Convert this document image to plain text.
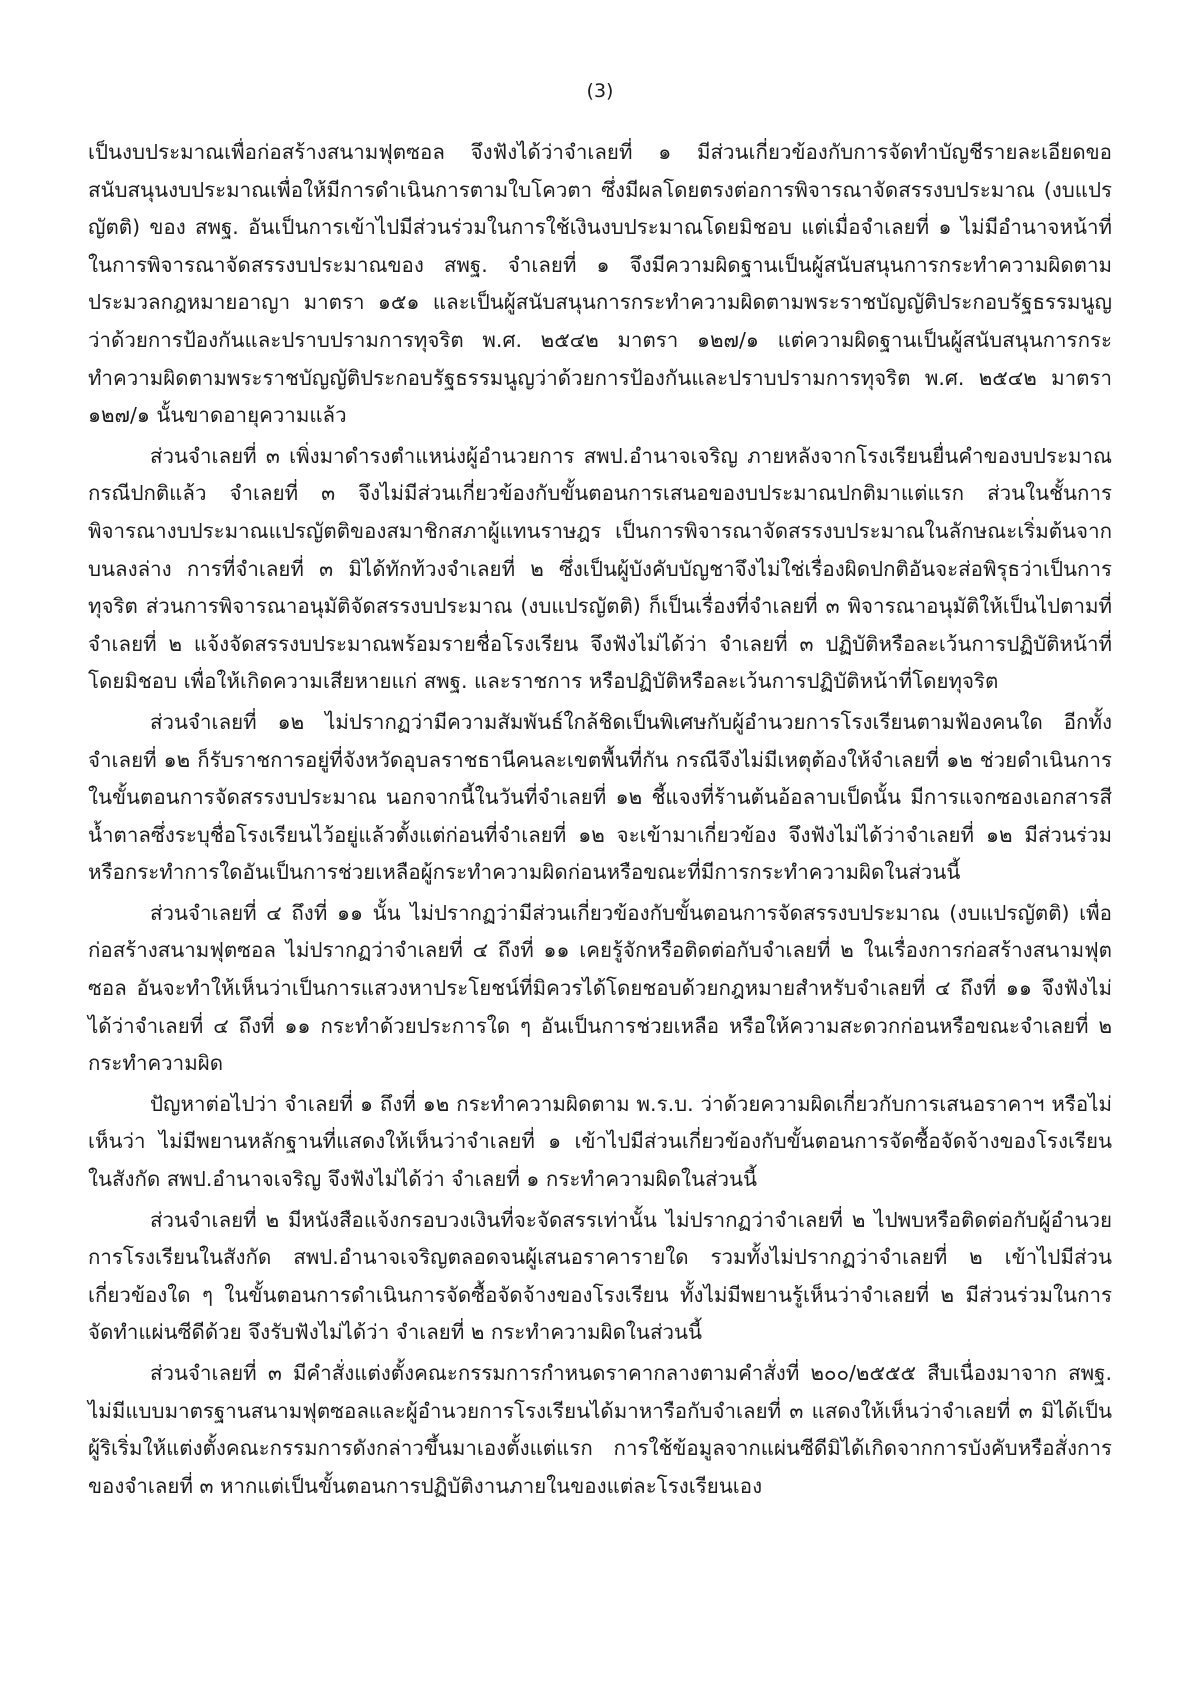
(3)

เป็นงบประมาณเพื่อก่อสร้างสนามฟุตซอล จึงฟังได้ว่าจำเลยที่ ๑ มีส่วนเกี่ยวข้องกับการจัดทำบัญชีรายละเอียดขอสนับสนุนงบประมาณเพื่อให้มีการดำเนินการตามใบโควตา ซึ่งมีผลโดยตรงต่อการพิจารณาจัดสรรงบประมาณ (งบแปรญัตติ) ของ สพฐ. อันเป็นการเข้าไปมีส่วนร่วมในการใช้เงินงบประมาณโดยมิชอบ แต่เมื่อจำเลยที่ ๑ ไม่มีอำนาจหน้าที่ในการพิจารณาจัดสรรงบประมาณของ สพฐ. จำเลยที่ ๑ จึงมีความผิดฐานเป็นผู้สนับสนุนการกระทำความผิดตามประมวลกฎหมายอาญา มาตรา ๑๕๑ และเป็นผู้สนับสนุนการกระทำความผิดตามพระราชบัญญัติประกอบรัฐธรรมนูญว่าด้วยการป้องกันและปราบปรามการทุจริต พ.ศ. ๒๕๔๒ มาตรา ๑๒๗/๑ แต่ความผิดฐานเป็นผู้สนับสนุนการกระทำความผิดตามพระราชบัญญัติประกอบรัฐธรรมนูญว่าด้วยการป้องกันและปราบปรามการทุจริต พ.ศ. ๒๕๔๒ มาตรา ๑๒๗/๑ นั้นขาดอายุความแล้ว

ส่วนจำเลยที่ ๓ เพิ่งมาดำรงตำแหน่งผู้อำนวยการ สพป.อำนาจเจริญ ภายหลังจากโรงเรียนยื่นคำของบประมาณกรณีปกติแล้ว จำเลยที่ ๓ จึงไม่มีส่วนเกี่ยวข้องกับขั้นตอนการเสนอของบประมาณปกติมาแต่แรก ส่วนในชั้นการพิจารณางบประมาณแปรญัตติของสมาชิกสภาผู้แทนราษฎร เป็นการพิจารณาจัดสรรงบประมาณในลักษณะเริ่มต้นจากบนลงล่าง การที่จำเลยที่ ๓ มิได้ทักท้วงจำเลยที่ ๒ ซึ่งเป็นผู้บังคับบัญชาจึงไม่ใช่เรื่องผิดปกติอันจะส่อพิรุธว่าเป็นการทุจริต ส่วนการพิจารณาอนุมัติจัดสรรงบประมาณ (งบแปรญัตติ) ก็เป็นเรื่องที่จำเลยที่ ๓ พิจารณาอนุมัติให้เป็นไปตามที่จำเลยที่ ๒ แจ้งจัดสรรงบประมาณพร้อมรายชื่อโรงเรียน จึงฟังไม่ได้ว่า จำเลยที่ ๓ ปฏิบัติหรือละเว้นการปฏิบัติหน้าที่โดยมิชอบ เพื่อให้เกิดความเสียหายแก่ สพฐ. และราชการ หรือปฏิบัติหรือละเว้นการปฏิบัติหน้าที่โดยทุจริต

ส่วนจำเลยที่ ๑๒ ไม่ปรากฏว่ามีความสัมพันธ์ใกล้ชิดเป็นพิเศษกับผู้อำนวยการโรงเรียนตามฟ้องคนใด อีกทั้งจำเลยที่ ๑๒ ก็รับราชการอยู่ที่จังหวัดอุบลราชธานีคนละเขตพื้นที่กัน กรณีจึงไม่มีเหตุต้องให้จำเลยที่ ๑๒ ช่วยดำเนินการในขั้นตอนการจัดสรรงบประมาณ นอกจากนี้ในวันที่จำเลยที่ ๑๒ ชี้แจงที่ร้านต้นอ้อลาบเป็ดนั้น มีการแจกซองเอกสารสีน้ำตาลซึ่งระบุชื่อโรงเรียนไว้อยู่แล้วตั้งแต่ก่อนที่จำเลยที่ ๑๒ จะเข้ามาเกี่ยวข้อง จึงฟังไม่ได้ว่าจำเลยที่ ๑๒ มีส่วนร่วมหรือกระทำการใดอันเป็นการช่วยเหลือผู้กระทำความผิดก่อนหรือขณะที่มีการกระทำความผิดในส่วนนี้

ส่วนจำเลยที่ ๔ ถึงที่ ๑๑ นั้น ไม่ปรากฏว่ามีส่วนเกี่ยวข้องกับขั้นตอนการจัดสรรงบประมาณ (งบแปรญัตติ) เพื่อก่อสร้างสนามฟุตซอล ไม่ปรากฏว่าจำเลยที่ ๔ ถึงที่ ๑๑ เคยรู้จักหรือติดต่อกับจำเลยที่ ๒ ในเรื่องการก่อสร้างสนามฟุตซอล อันจะทำให้เห็นว่าเป็นการแสวงหาประโยชน์ที่มิควรได้โดยชอบด้วยกฎหมายสำหรับจำเลยที่ ๔ ถึงที่ ๑๑ จึงฟังไม่ได้ว่าจำเลยที่ ๔ ถึงที่ ๑๑ กระทำด้วยประการใด ๆ อันเป็นการช่วยเหลือ หรือให้ความสะดวกก่อนหรือขณะจำเลยที่ ๒ กระทำความผิด

ปัญหาต่อไปว่า จำเลยที่ ๑ ถึงที่ ๑๒ กระทำความผิดตาม พ.ร.บ. ว่าด้วยความผิดเกี่ยวกับการเสนอราคาฯ หรือไม่ เห็นว่า ไม่มีพยานหลักฐานที่แสดงให้เห็นว่าจำเลยที่ ๑ เข้าไปมีส่วนเกี่ยวข้องกับขั้นตอนการจัดซื้อจัดจ้างของโรงเรียนในสังกัด สพป.อำนาจเจริญ จึงฟังไม่ได้ว่า จำเลยที่ ๑ กระทำความผิดในส่วนนี้

ส่วนจำเลยที่ ๒ มีหนังสือแจ้งกรอบวงเงินที่จะจัดสรรเท่านั้น ไม่ปรากฏว่าจำเลยที่ ๒ ไปพบหรือติดต่อกับผู้อำนวยการโรงเรียนในสังกัด สพป.อำนาจเจริญตลอดจนผู้เสนอราคารายใด รวมทั้งไม่ปรากฏว่าจำเลยที่ ๒ เข้าไปมีส่วนเกี่ยวข้องใด ๆ ในขั้นตอนการดำเนินการจัดซื้อจัดจ้างของโรงเรียน ทั้งไม่มีพยานรู้เห็นว่าจำเลยที่ ๒ มีส่วนร่วมในการจัดทำแผ่นซีดีด้วย จึงรับฟังไม่ได้ว่า จำเลยที่ ๒ กระทำความผิดในส่วนนี้

ส่วนจำเลยที่ ๓ มีคำสั่งแต่งตั้งคณะกรรมการกำหนดราคากลางตามคำสั่งที่ ๒๐๐/๒๕๕๕ สืบเนื่องมาจาก สพฐ. ไม่มีแบบมาตรฐานสนามฟุตซอลและผู้อำนวยการโรงเรียนได้มาหารือกับจำเลยที่ ๓ แสดงให้เห็นว่าจำเลยที่ ๓ มิได้เป็นผู้ริเริ่มให้แต่งตั้งคณะกรรมการดังกล่าวขึ้นมาเองตั้งแต่แรก การใช้ข้อมูลจากแผ่นซีดีมิได้เกิดจากการบังคับหรือสั่งการของจำเลยที่ ๓ หากแต่เป็นขั้นตอนการปฏิบัติงานภายในของแต่ละโรงเรียนเอง
